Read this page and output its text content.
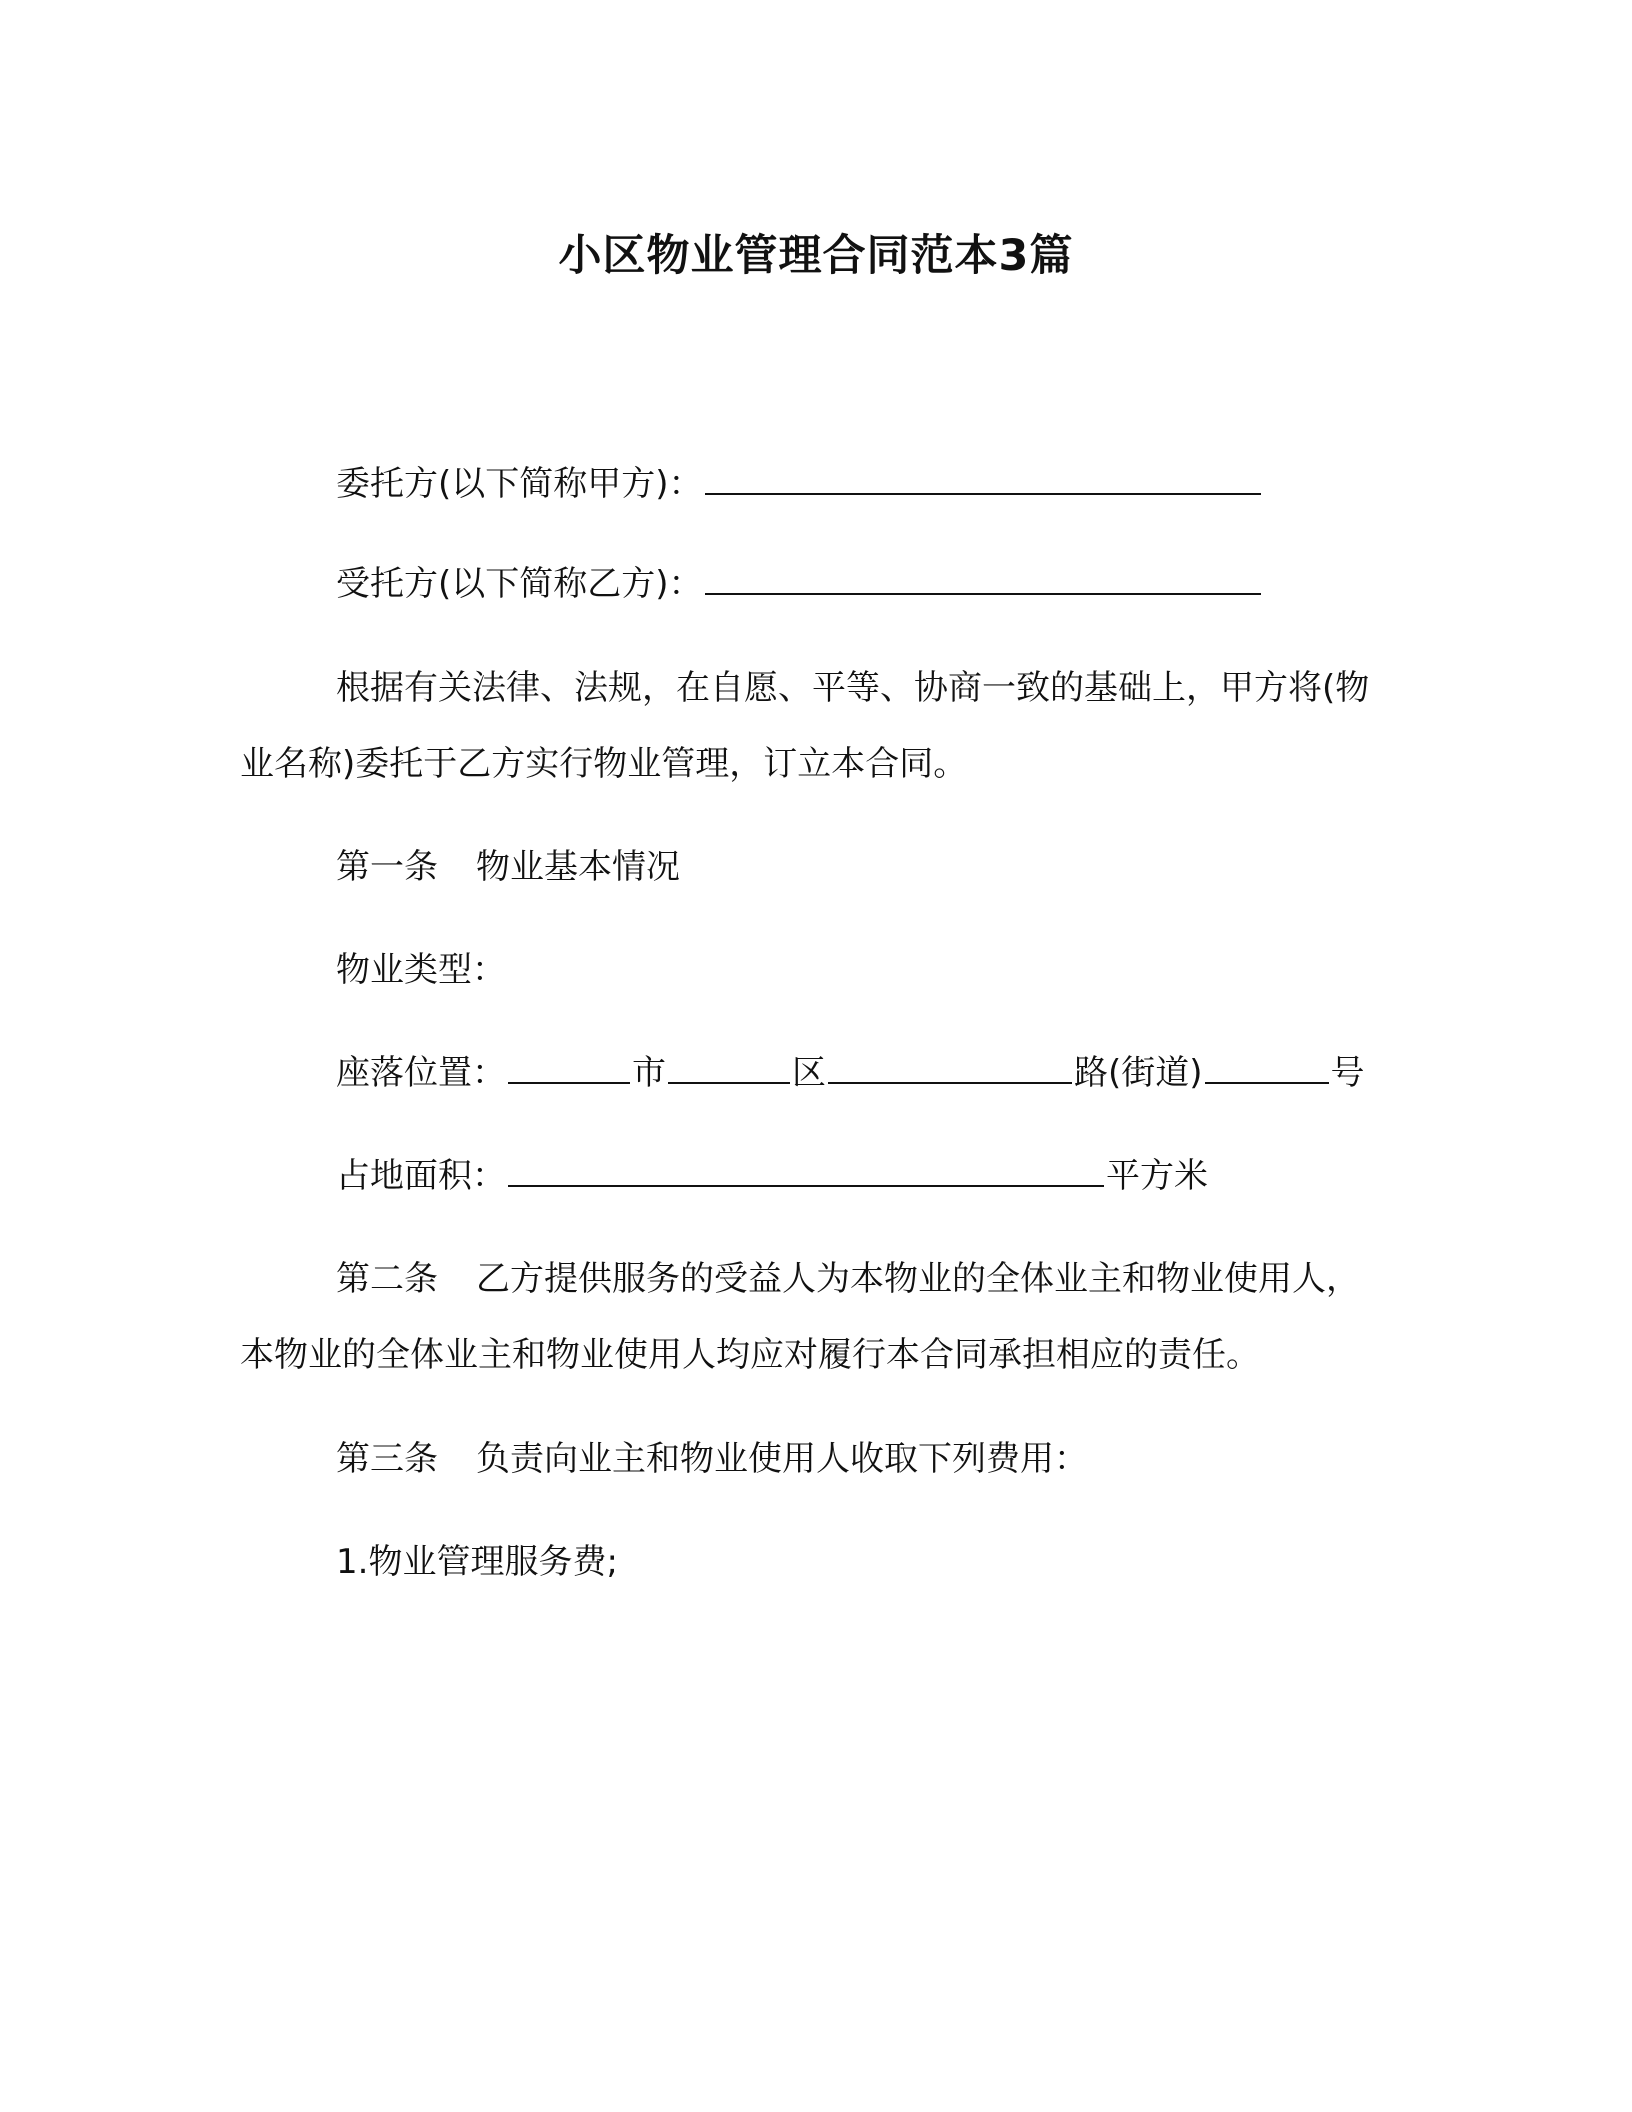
小区物业管理合同范本3篇

委托方(以下简称甲方)：

受托方(以下简称乙方)：

根据有关法律、法规，在自愿、平等、协商一致的基础上，甲方将(物业名称)委托于乙方实行物业管理，订立本合同。

第一条 物业基本情况

物业类型：

座落位置：	市	区	路(街道)	号

占地面积：	平方米

第二条 乙方提供服务的受益人为本物业的全体业主和物业使用人，本物业的全体业主和物业使用人均应对履行本合同承担相应的责任。

第三条 负责向业主和物业使用人收取下列费用：

1.物业管理服务费;
